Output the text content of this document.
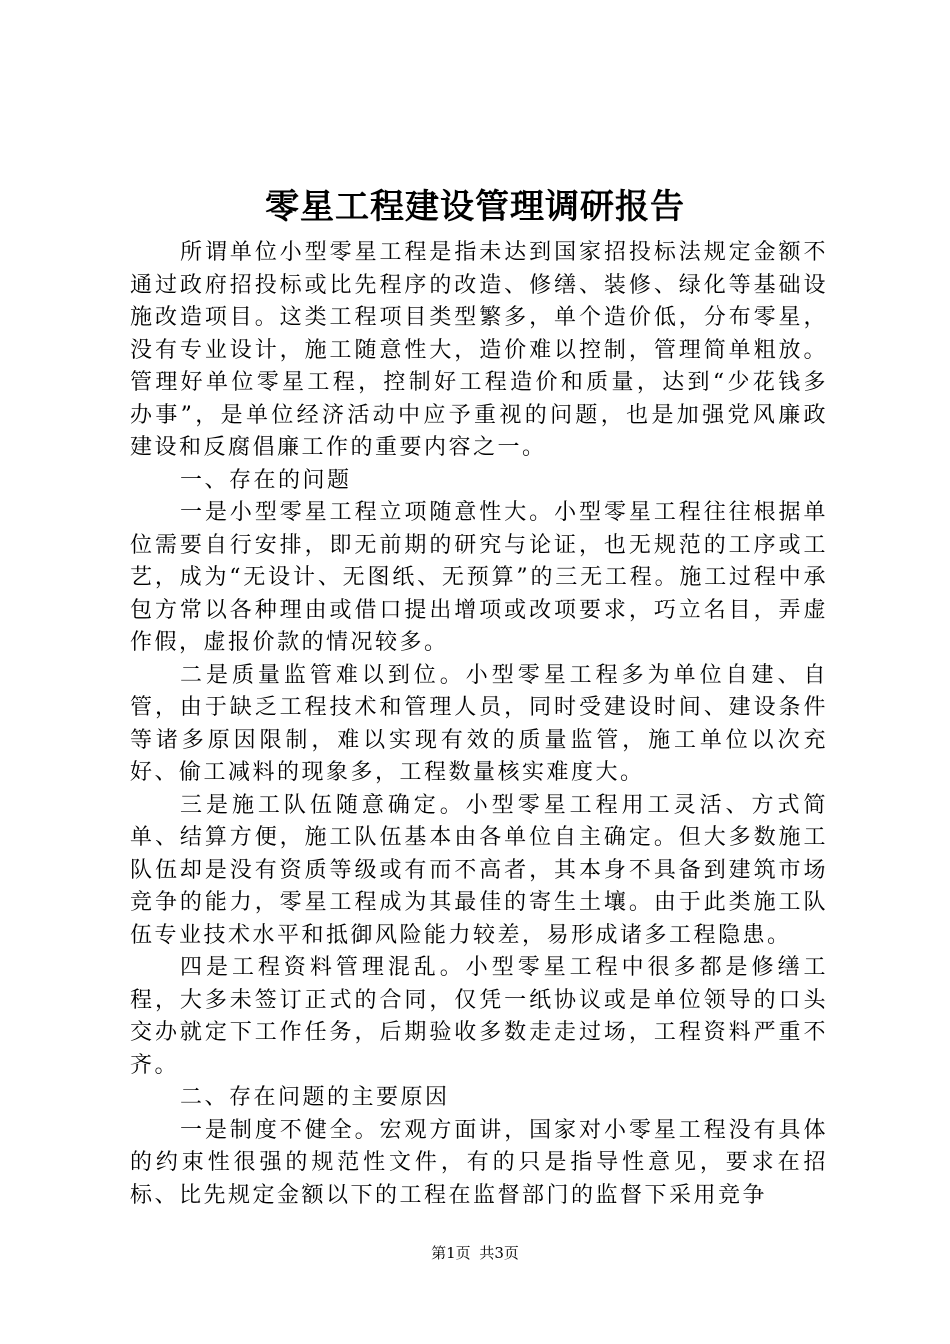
零星工程建设管理调研报告

所谓单位小型零星工程是指未达到国家招投标法规定金额不通过政府招投标或比先程序的改造、修缮、装修、绿化等基础设施改造项目。这类工程项目类型繁多，单个造价低，分布零星，没有专业设计，施工随意性大，造价难以控制，管理简单粗放。管理好单位零星工程，控制好工程造价和质量，达到“少花钱多办事”，是单位经济活动中应予重视的问题，也是加强党风廉政建设和反腐倡廉工作的重要内容之一。

一、存在的问题

一是小型零星工程立项随意性大。小型零星工程往往根据单位需要自行安排，即无前期的研究与论证，也无规范的工序或工艺，成为“无设计、无图纸、无预算”的三无工程。施工过程中承包方常以各种理由或借口提出增项或改项要求，巧立名目，弄虚作假，虚报价款的情况较多。

二是质量监管难以到位。小型零星工程多为单位自建、自管，由于缺乏工程技术和管理人员，同时受建设时间、建设条件等诸多原因限制，难以实现有效的质量监管，施工单位以次充好、偷工减料的现象多，工程数量核实难度大。

三是施工队伍随意确定。小型零星工程用工灵活、方式简单、结算方便，施工队伍基本由各单位自主确定。但大多数施工队伍却是没有资质等级或有而不高者，其本身不具备到建筑市场竞争的能力，零星工程成为其最佳的寄生土壤。由于此类施工队伍专业技术水平和抵御风险能力较差，易形成诸多工程隐患。

四是工程资料管理混乱。小型零星工程中很多都是修缮工程，大多未签订正式的合同，仅凭一纸协议或是单位领导的口头交办就定下工作任务，后期验收多数走走过场，工程资料严重不齐。

二、存在问题的主要原因

一是制度不健全。宏观方面讲，国家对小零星工程没有具体的约束性很强的规范性文件，有的只是指导性意见，要求在招标、比先规定金额以下的工程在监督部门的监督下采用竞争

第1页 共3页
